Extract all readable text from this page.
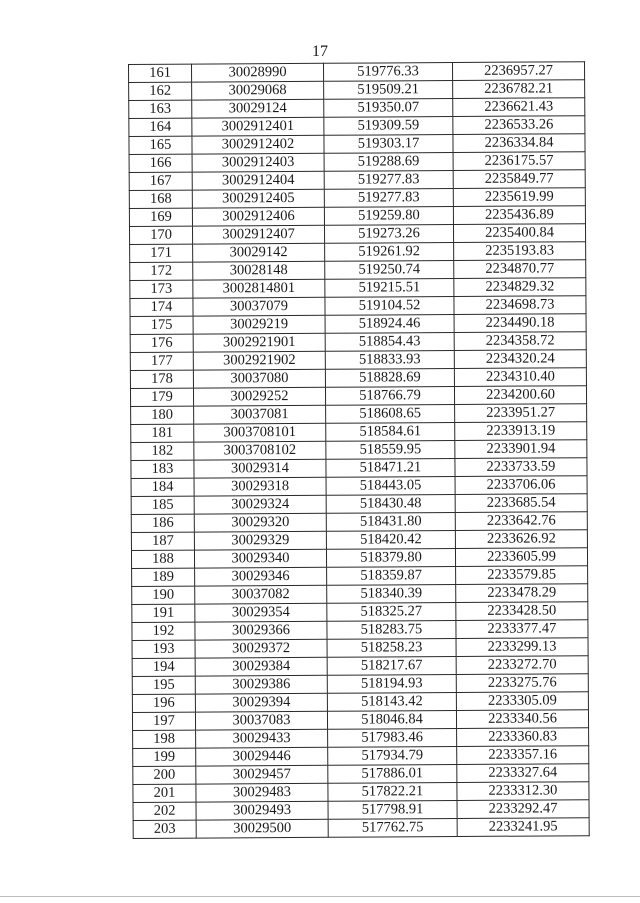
17
161	30028990	519776.33	2236957.27
162	30029068	519509.21	2236782.21
163	30029124	519350.07	2236621.43
164	3002912401	519309.59	2236533.26
165	3002912402	519303.17	2236334.84
166	3002912403	519288.69	2236175.57
167	3002912404	519277.83	2235849.77
168	3002912405	519277.83	2235619.99
169	3002912406	519259.80	2235436.89
170	3002912407	519273.26	2235400.84
171	30029142	519261.92	2235193.83
172	30028148	519250.74	2234870.77
173	3002814801	519215.51	2234829.32
174	30037079	519104.52	2234698.73
175	30029219	518924.46	2234490.18
176	3002921901	518854.43	2234358.72
177	3002921902	518833.93	2234320.24
178	30037080	518828.69	2234310.40
179	30029252	518766.79	2234200.60
180	30037081	518608.65	2233951.27
181	3003708101	518584.61	2233913.19
182	3003708102	518559.95	2233901.94
183	30029314	518471.21	2233733.59
184	30029318	518443.05	2233706.06
185	30029324	518430.48	2233685.54
186	30029320	518431.80	2233642.76
187	30029329	518420.42	2233626.92
188	30029340	518379.80	2233605.99
189	30029346	518359.87	2233579.85
190	30037082	518340.39	2233478.29
191	30029354	518325.27	2233428.50
192	30029366	518283.75	2233377.47
193	30029372	518258.23	2233299.13
194	30029384	518217.67	2233272.70
195	30029386	518194.93	2233275.76
196	30029394	518143.42	2233305.09
197	30037083	518046.84	2233340.56
198	30029433	517983.46	2233360.83
199	30029446	517934.79	2233357.16
200	30029457	517886.01	2233327.64
201	30029483	517822.21	2233312.30
202	30029493	517798.91	2233292.47
203	30029500	517762.75	2233241.95
